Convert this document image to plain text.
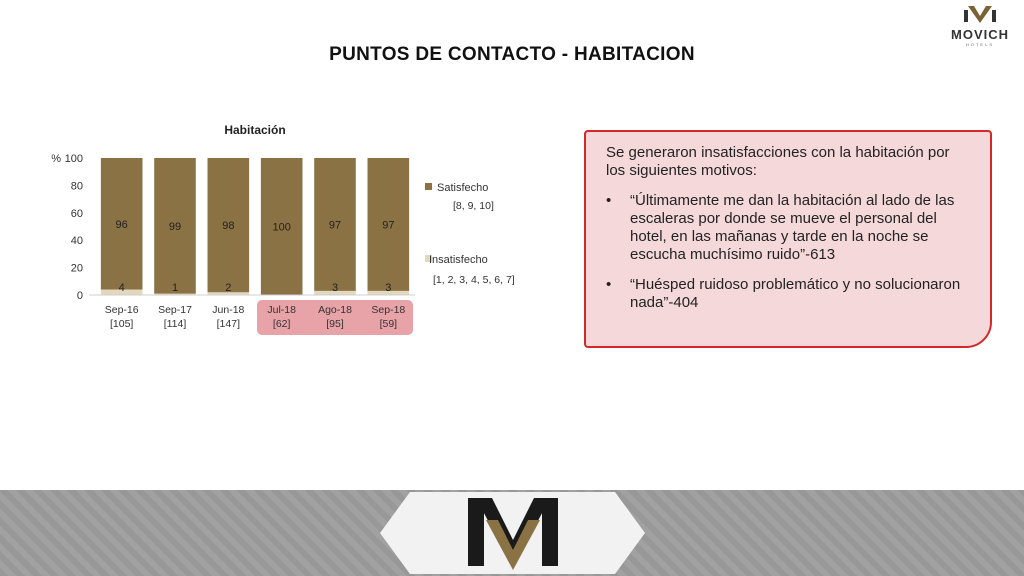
MOVICH
HOTELS
PUNTOS DE CONTACTO - HABITACION
Habitación
0
20
40
60
80
100
%
96
4
Sep-16
[105]
99
1
Sep-17
[114]
98
2
Jun-18
[147]
100
Jul-18
[62]
97
3
Ago-18
[95]
97
3
Sep-18
[59]
Satisfecho
[8, 9, 10]
Insatisfecho
[1, 2, 3, 4, 5, 6, 7]

Se generaron insatisfacciones con la habitación por los siguientes motivos:

• “Últimamente me dan la habitación al lado de las escaleras por donde se mueve el personal del hotel, en las mañanas y tarde en la noche se escucha muchísimo ruido”-613
• “Huésped ruidoso problemático y no solucionaron nada”-404
